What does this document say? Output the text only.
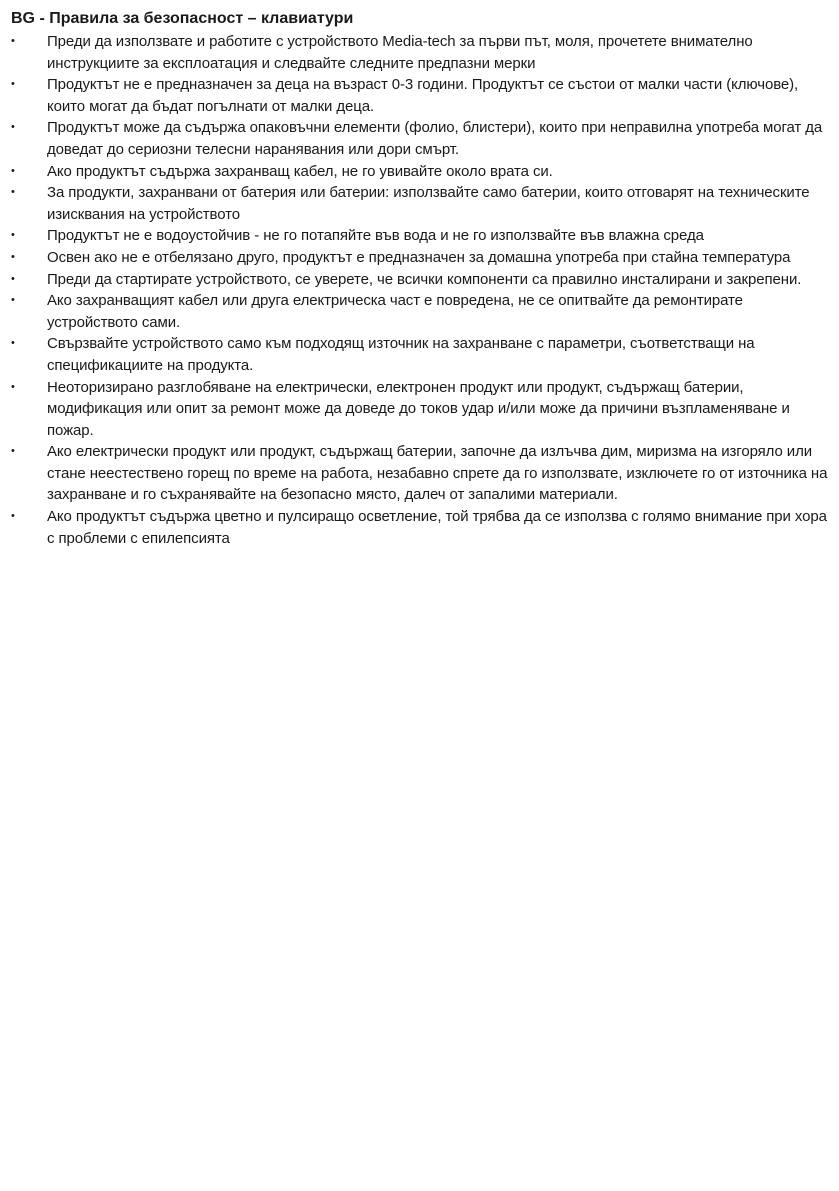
BG - Правила за безопасност – клавиатури
• Преди да използвате и работите с устройството Media-tech за първи път, моля, прочетете внимателно инструкциите за експлоатация и следвайте следните предпазни мерки
• Продуктът не е предназначен за деца на възраст 0-3 години. Продуктът се състои от малки части (ключове), които могат да бъдат погълнати от малки деца.
• Продуктът може да съдържа опаковъчни елементи (фолио, блистери), които при неправилна употреба могат да доведат до сериозни телесни наранявания или дори смърт.
• Ако продуктът съдържа захранващ кабел, не го увивайте около врата си.
• За продукти, захранвани от батерия или батерии: използвайте само батерии, които отговарят на техническите изисквания на устройството
• Продуктът не е водоустойчив - не го потапяйте във вода и не го използвайте във влажна среда
• Освен ако не е отбелязано друго, продуктът е предназначен за домашна употреба при стайна температура
• Преди да стартирате устройството, се уверете, че всички компоненти са правилно инсталирани и закрепени.
• Ако захранващият кабел или друга електрическа част е повредена, не се опитвайте да ремонтирате устройството сами.
• Свързвайте устройството само към подходящ източник на захранване с параметри, съответстващи на спецификациите на продукта.
• Неоторизирано разглобяване на електрически, електронен продукт или продукт, съдържащ батерии, модификация или опит за ремонт може да доведе до токов удар и/или може да причини възпламеняване и пожар.
• Ако електрически продукт или продукт, съдържащ батерии, започне да излъчва дим, миризма на изгоряло или стане неестествено горещ по време на работа, незабавно спрете да го използвате, изключете го от източника на захранване и го съхранявайте на безопасно място, далеч от запалими материали.
• Ако продуктът съдържа цветно и пулсиращо осветление, той трябва да се използва с голямо внимание при хора с проблеми с епилепсията
